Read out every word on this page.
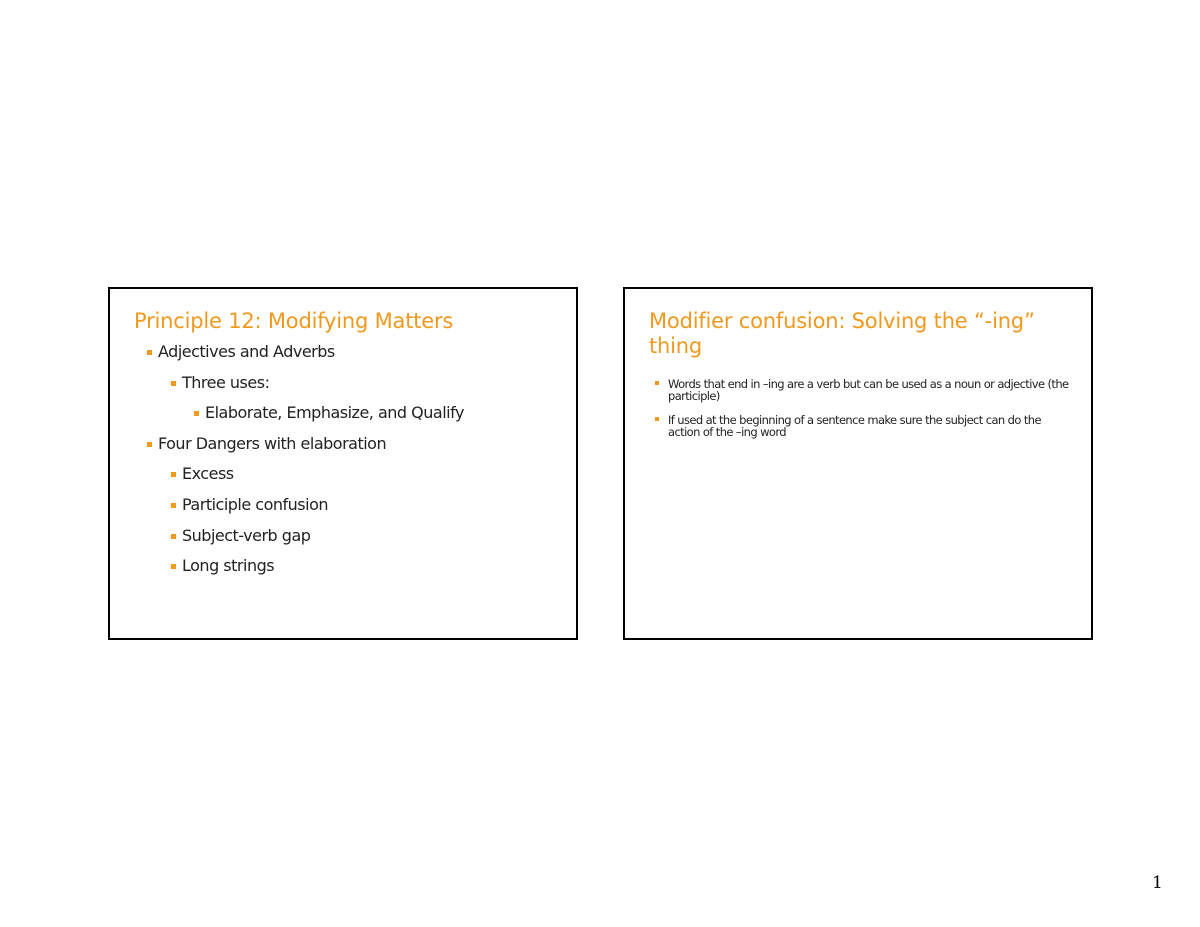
Principle 12: Modifying Matters
Adjectives and Adverbs
Three uses:
Elaborate, Emphasize, and Qualify
Four Dangers with elaboration
Excess
Participle confusion
Subject-verb gap
Long strings
Modifier confusion: Solving the “-ing” thing
Words that end in –ing are a verb but can be used as a noun or adjective (the participle)
If used at the beginning of a sentence make sure the subject can do the action of the –ing word
1
